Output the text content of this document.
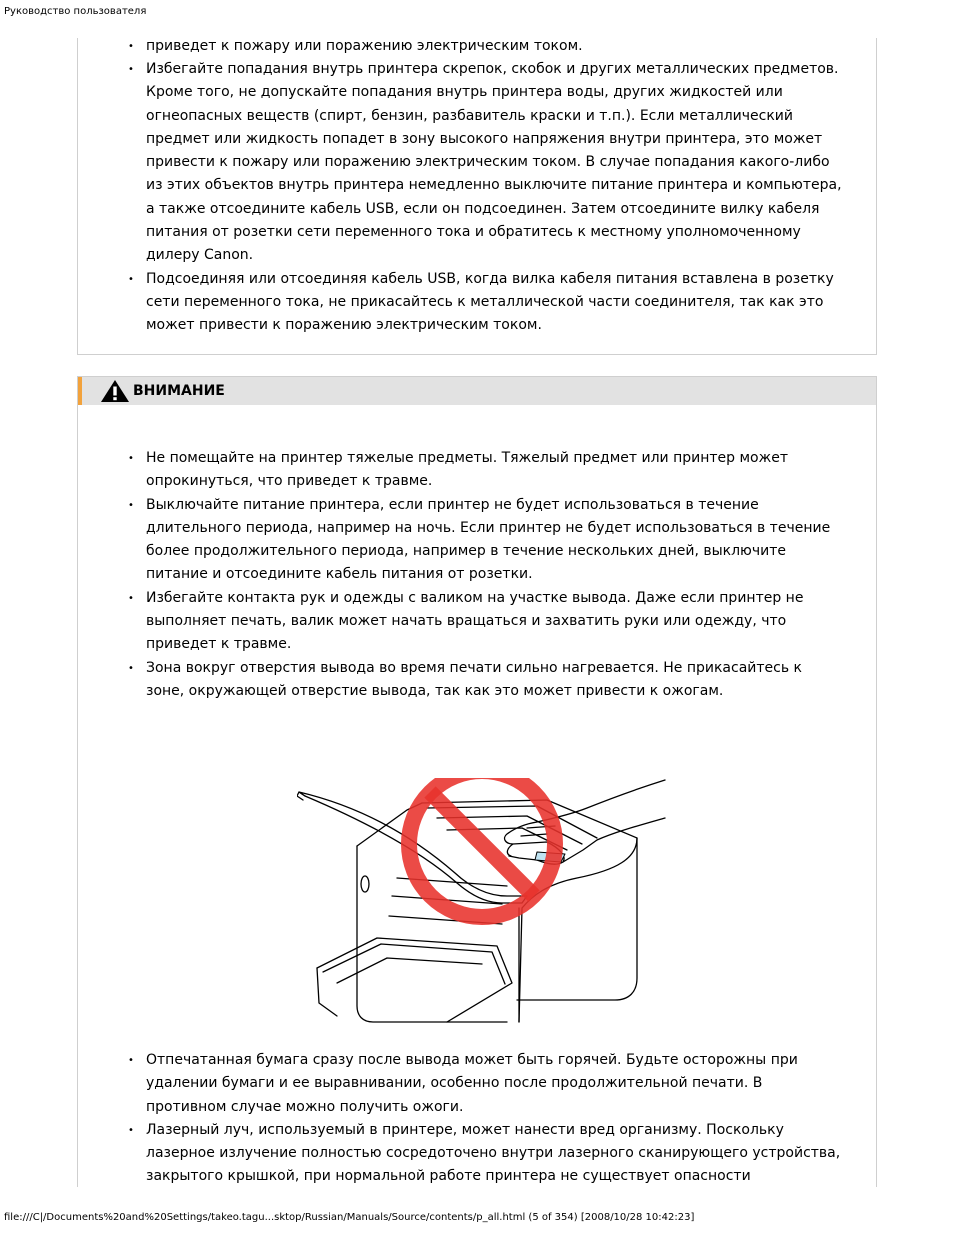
Руководство пользователя
• приведет к пожару или поражению электрическим током.
• Избегайте попадания внутрь принтера скрепок, скобок и других металлических предметов.
Кроме того, не допускайте попадания внутрь принтера воды, других жидкостей или
огнеопасных веществ (спирт, бензин, разбавитель краски и т.п.). Если металлический
предмет или жидкость попадет в зону высокого напряжения внутри принтера, это может
привести к пожару или поражению электрическим током. В случае попадания какого-либо
из этих объектов внутрь принтера немедленно выключите питание принтера и компьютера,
а также отсоедините кабель USB, если он подсоединен. Затем отсоедините вилку кабеля
питания от розетки сети переменного тока и обратитесь к местному уполномоченному
дилеру Canon.
• Подсоединяя или отсоединяя кабель USB, когда вилка кабеля питания вставлена в розетку
сети переменного тока, не прикасайтесь к металлической части соединителя, так как это
может привести к поражению электрическим током.
ВНИМАНИЕ
• Не помещайте на принтер тяжелые предметы. Тяжелый предмет или принтер может
опрокинуться, что приведет к травме.
• Выключайте питание принтера, если принтер не будет использоваться в течение
длительного периода, например на ночь. Если принтер не будет использоваться в течение
более продолжительного периода, например в течение нескольких дней, выключите
питание и отсоедините кабель питания от розетки.
• Избегайте контакта рук и одежды с валиком на участке вывода. Даже если принтер не
выполняет печать, валик может начать вращаться и захватить руки или одежду, что
приведет к травме.
• Зона вокруг отверстия вывода во время печати сильно нагревается. Не прикасайтесь к
зоне, окружающей отверстие вывода, так как это может привести к ожогам.
• Отпечатанная бумага сразу после вывода может быть горячей. Будьте осторожны при
удалении бумаги и ее выравнивании, особенно после продолжительной печати. В
противном случае можно получить ожоги.
• Лазерный луч, используемый в принтере, может нанести вред организму. Поскольку
лазерное излучение полностью сосредоточено внутри лазерного сканирующего устройства,
закрытого крышкой, при нормальной работе принтера не существует опасности
file:///C|/Documents%20and%20Settings/takeo.tagu...sktop/Russian/Manuals/Source/contents/p_all.html (5 of 354) [2008/10/28 10:42:23]
